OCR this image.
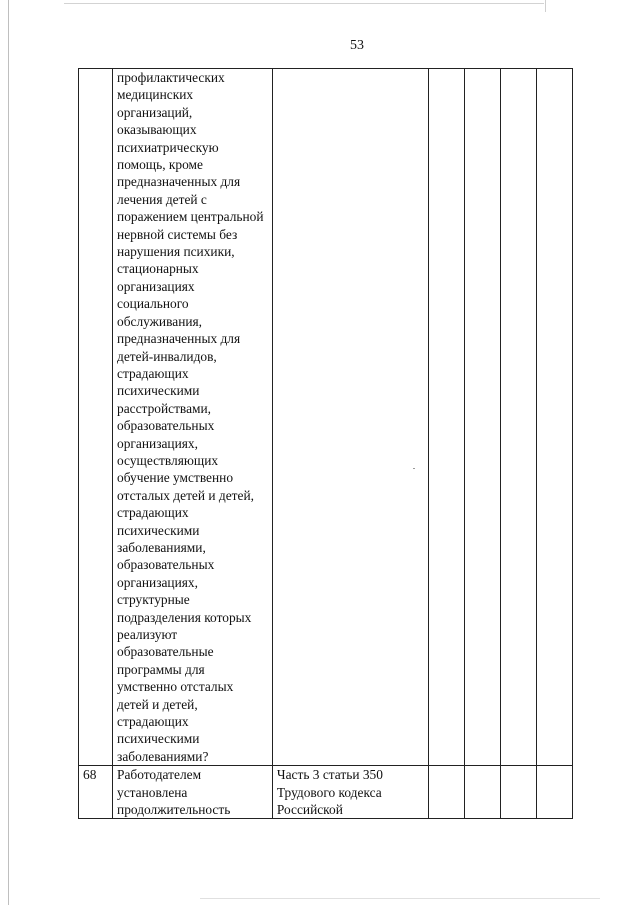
53
	профилактических медицинских организаций, оказывающих психиатрическую помощь, кроме предназначенных для лечения детей с поражением центральной нервной системы без нарушения психики, стационарных организациях социального обслуживания, предназначенных для детей-инвалидов, страдающих психическими расстройствами, образовательных организациях, осуществляющих обучение умственно отсталых детей и детей, страдающих психическими заболеваниями, образовательных организациях, структурные подразделения которых реализуют образовательные программы для умственно отсталых детей и детей, страдающих психическими заболеваниями?					
68	Работодателем установлена продолжительность	Часть 3 статьи 350 Трудового кодекса Российской				
